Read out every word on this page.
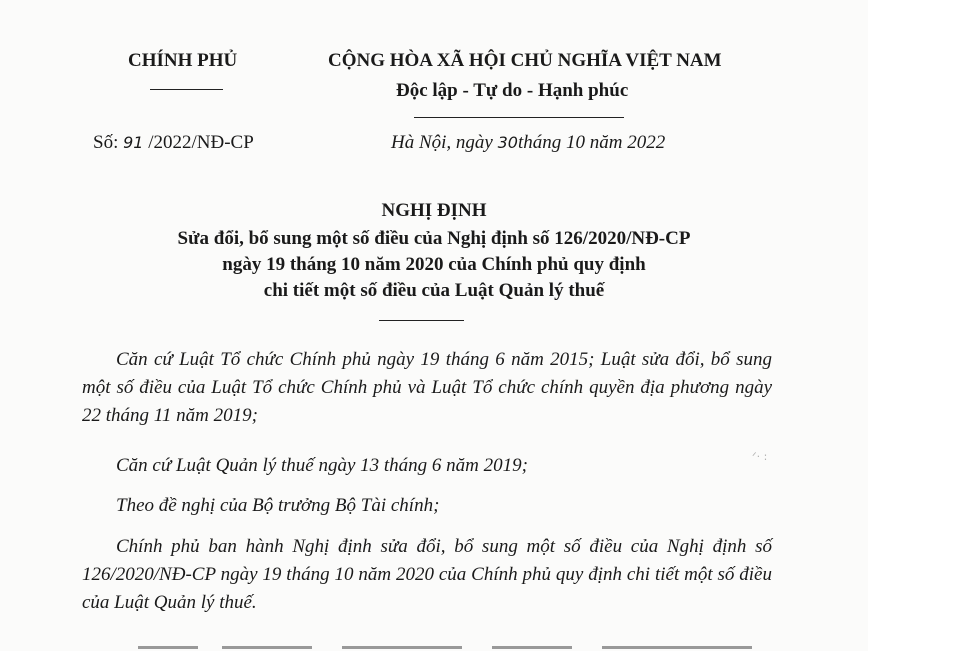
CHÍNH PHỦ	CỘNG HÒA XÃ HỘI CHỦ NGHĨA VIỆT NAM
Độc lập - Tự do - Hạnh phúc
Số: 91 /2022/NĐ-CP	Hà Nội, ngày 30tháng 10 năm 2022
NGHỊ ĐỊNH
Sửa đổi, bổ sung một số điều của Nghị định số 126/2020/NĐ-CP
ngày 19 tháng 10 năm 2020 của Chính phủ quy định
chi tiết một số điều của Luật Quản lý thuế

Căn cứ Luật Tổ chức Chính phủ ngày 19 tháng 6 năm 2015; Luật sửa đổi, bổ sung một số điều của Luật Tổ chức Chính phủ và Luật Tổ chức chính quyền địa phương ngày 22 tháng 11 năm 2019;

Căn cứ Luật Quản lý thuế ngày 13 tháng 6 năm 2019;

Theo đề nghị của Bộ trưởng Bộ Tài chính;

Chính phủ ban hành Nghị định sửa đổi, bổ sung một số điều của Nghị định số 126/2020/NĐ-CP ngày 19 tháng 10 năm 2020 của Chính phủ quy định chi tiết một số điều của Luật Quản lý thuế.

ᐟ· :
